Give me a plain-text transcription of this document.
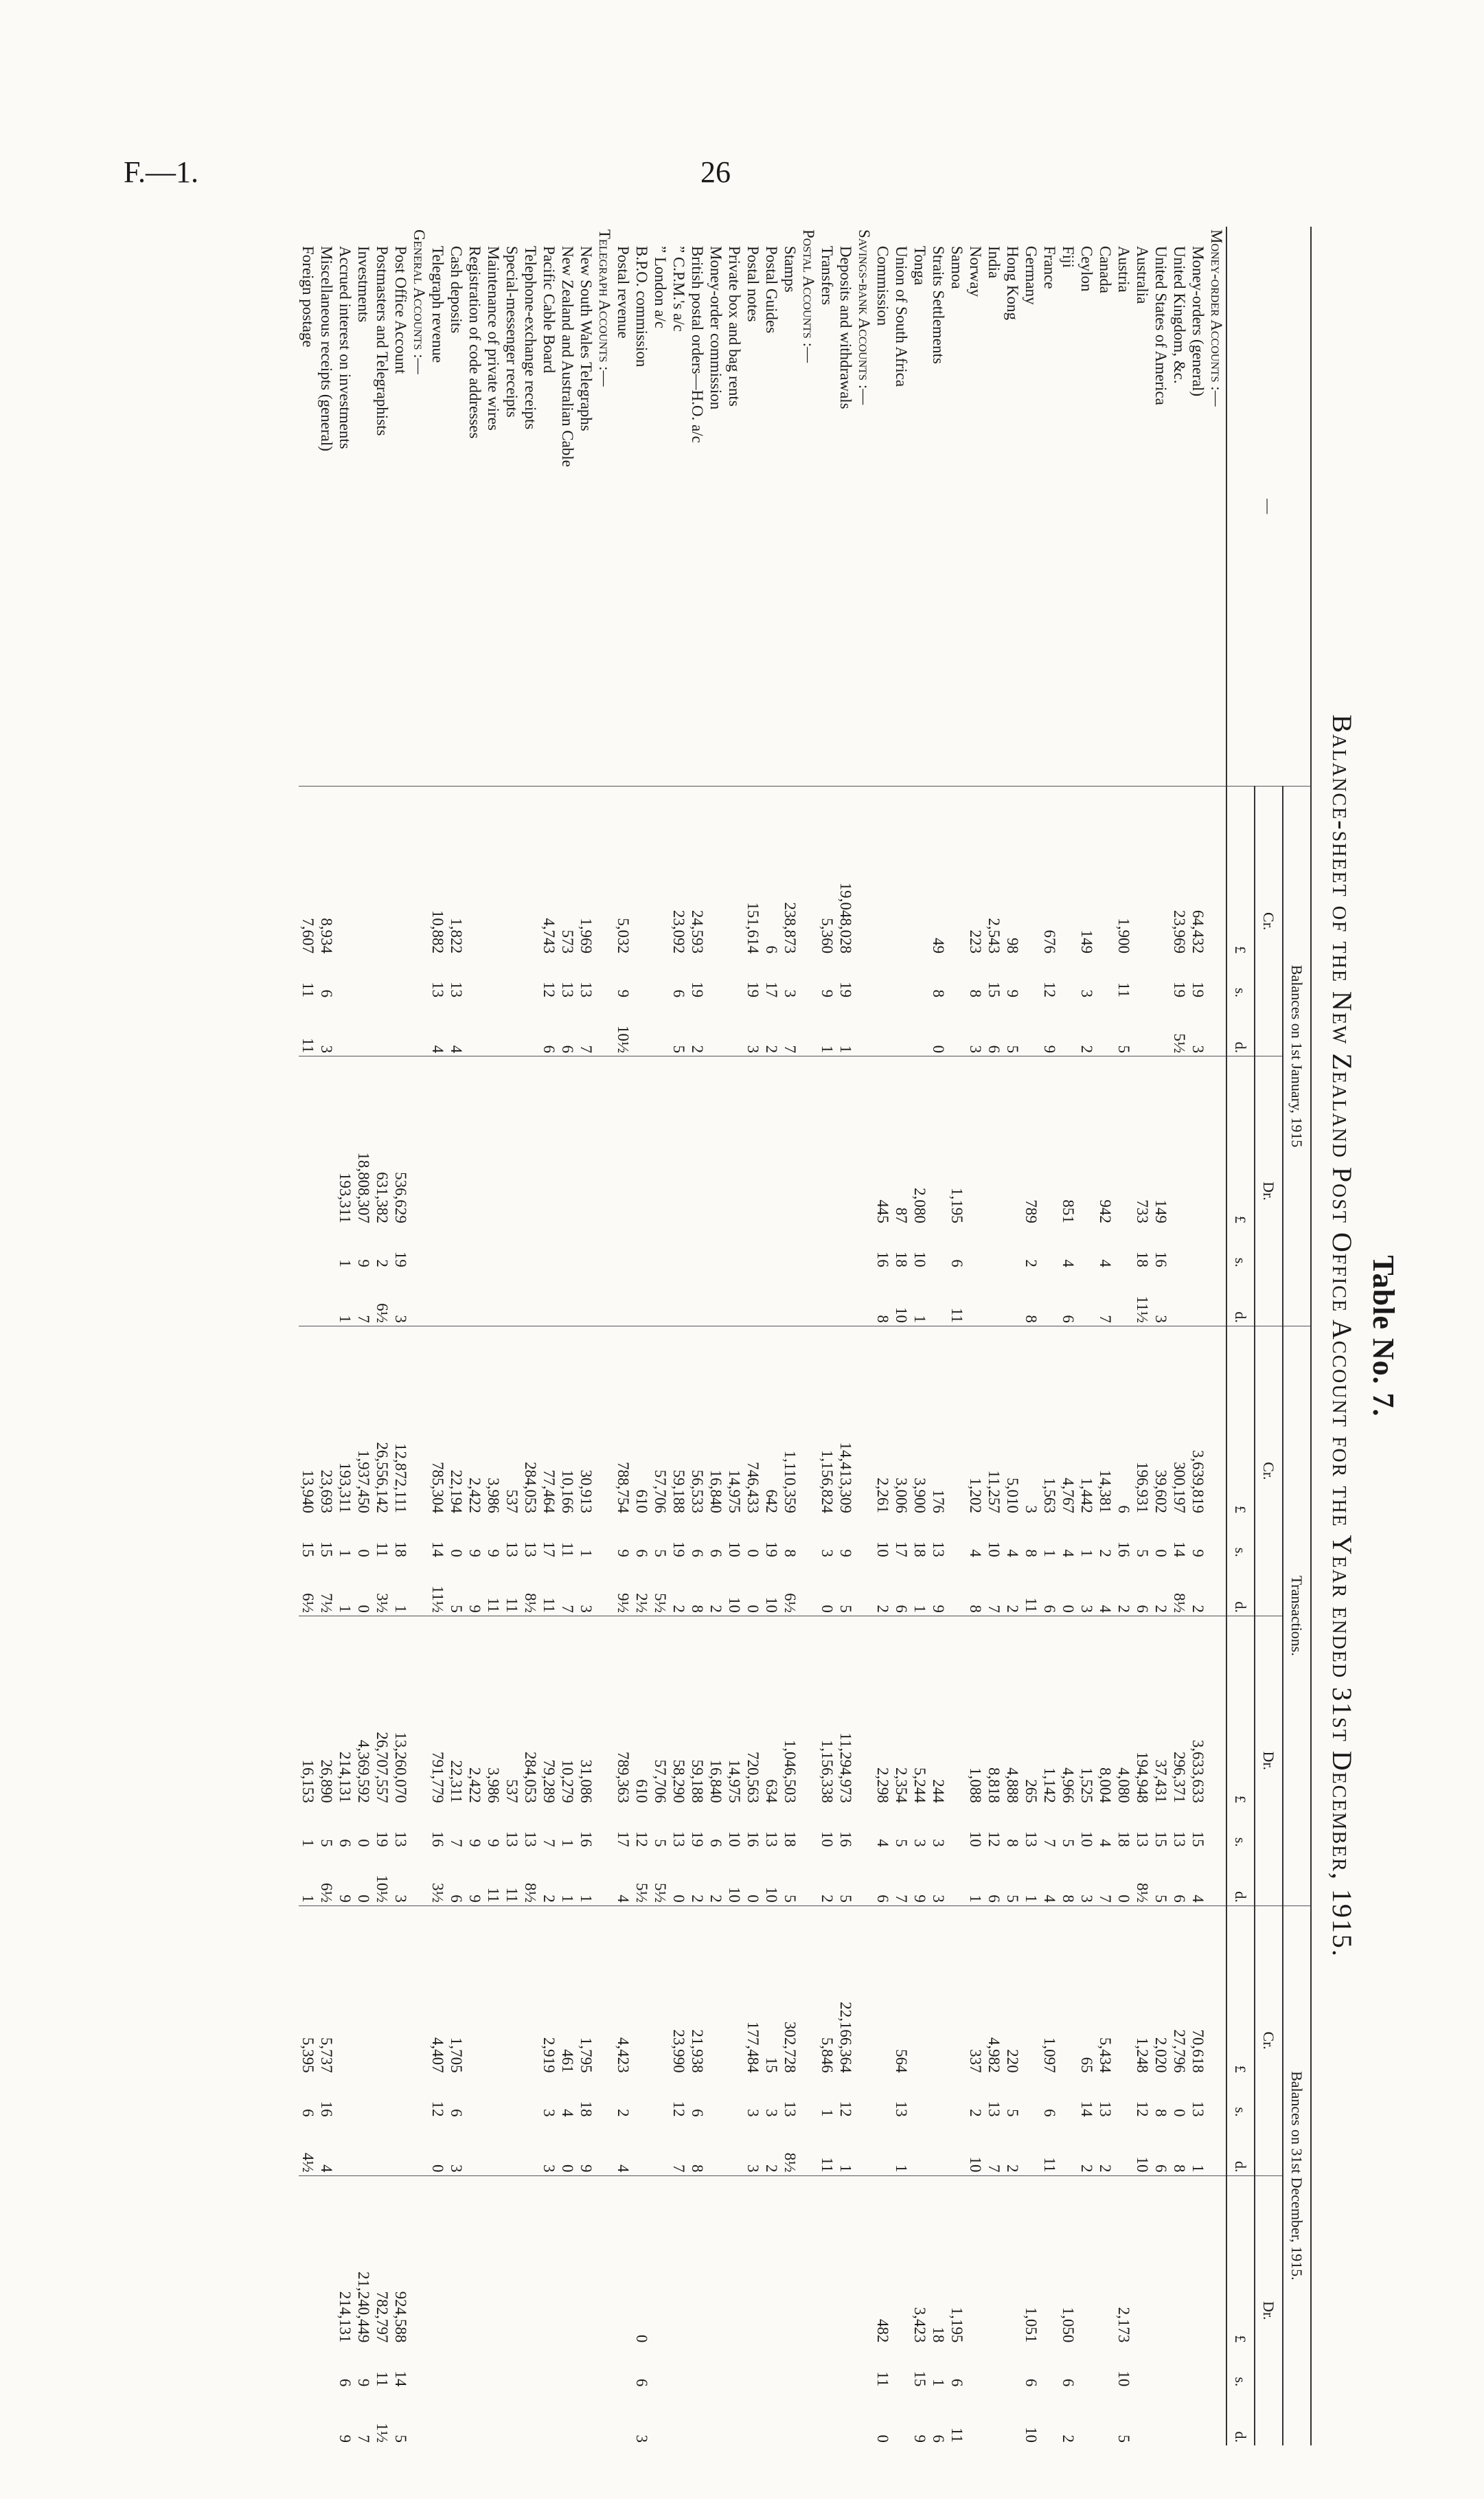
F.—1.	26
Table No. 7.
Balance-sheet of the New Zealand Post Office Account for the Year ended 31st December, 1915.
—	Balances on 1st January, 1915						Transactions.						Balances on 31st December, 1915.					
	Cr.			Dr.			Cr.			Dr.			Cr.			Dr.		
	£	s.	d.	£	s.	d.	£	s.	d.	£	s.	d.	£	s.	d.	£	s.	d.
Money-order Accounts :—																		
Money-orders (general)	64,432	19	3				3,639,819	9	2	3,633,633	15	4	70,618	13	1			
United Kingdom, &c.	23,969	19	5½				300,197	14	8½	296,371	13	6	27,796	0	8			
United States of America				149	16	3	39,602	0	2	37,431	15	5	2,020	8	6			
Australia				733	18	11½	196,931	5	6	194,948	13	8½	1,248	12	10			
Austria	1,900	11	5				6	16	2	4,080	18	0				2,173	10	5
Canada				942	4	7	14,381	2	4	8,004	4	7	5,434	13	2			
Ceylon	149	3	2				1,442	1	3	1,525	10	3	65	14	2			
Fiji				851	4	6	4,767	4	0	4,966	5	8				1,050	6	2
France	676	12	9				1,563	1	6	1,142	7	4	1,097	6	11			
Germany				789	2	8	3	8	11	265	13	1				1,051	6	10
Hong Kong	98	9	5				5,010	4	2	4,888	8	5	220	5	2			
India	2,543	15	6				11,257	10	7	8,818	12	6	4,982	13	7			
Norway	223	8	3				1,202	4	8	1,088	10	1	337	2	10			
Samoa				1,195	6	11										1,195	6	11
Straits Settlements	49	8	0				176	13	9	244	3	3				18	1	6
Tonga				2,080	10	1	3,900	18	1	5,244	3	9				3,423	15	9
Union of South Africa				87	18	10	3,006	17	6	2,354	5	7	564	13	1			
Commission				445	16	8	2,261	10	2	2,298	4	6				482	11	0
Savings-bank Accounts :—																		
Deposits and withdrawals	19,048,028	19	1				14,413,309	9	5	11,294,973	16	5	22,166,364	12	1			
Transfers	5,360	9	1				1,156,824	3	0	1,156,338	10	2	5,846	1	11			
Postal Accounts :—																		
Stamps	238,873	3	7				1,110,359	8	6½	1,046,503	18	5	302,728	13	8½			
Postal Guides	6	17	2				642	19	10	634	13	10	15	3	2			
Postal notes	151,614	19	3				746,433	0	0	720,563	16	0	177,484	3	3			
Private box and bag rents							14,975	10	10	14,975	10	10						
Money-order commission							16,840	6	2	16,840	6	2						
British postal orders—H.O. a/c	24,593	19	2				56,533	6	8	59,188	19	2	21,938	6	8			
” C.P.M.'s a/c	23,092	6	5				59,188	19	2	58,290	13	0	23,990	12	7			
” London a/c							57,706	5	5½	57,706	5	5½						
B.P.O. commission							610	6	2½	610	12	5½				0	6	3
Postal revenue	5,032	9	10½				788,754	9	9½	789,363	17	4	4,423	2	4			
Telegraph Accounts :—																		
New South Wales Telegraphs	1,969	13	7				30,913	1	3	31,086	16	1	1,795	18	9			
New Zealand and Australian Cable	573	13	6				10,166	11	7	10,279	1	1	461	4	0			
Pacific Cable Board	4,743	12	6				77,464	17	11	79,289	7	2	2,919	3	3			
Telephone-exchange receipts							284,053	13	8½	284,053	13	8½						
Special-messenger receipts							537	13	11	537	13	11						
Maintenance of private wires							3,986	9	11	3,986	9	11						
Registration of code addresses							2,422	9	9	2,422	9	9						
Cash deposits	1,822	13	4				22,194	0	5	22,311	7	6	1,705	6	3			
Telegraph revenue	10,882	13	4				785,304	14	11½	791,779	16	3½	4,407	12	0			
General Accounts :—																		
Post Office Account				536,629	19	3	12,872,111	18	1	13,260,070	13	3				924,588	14	5
Postmasters and Telegraphists				631,382	2	6½	26,556,142	11	3½	26,707,557	19	10½				782,797	11	1½
Investments				18,808,307	9	7	1,937,450	0	0	4,369,592	0	0				21,240,449	9	7
Accrued interest on investments				193,311	1	1	193,311	1	1	214,131	6	9				214,131	6	9
Miscellaneous receipts (general)	8,934	6	3				23,693	15	7½	26,890	5	6½	5,737	16	4			
Foreign postage	7,607	11	11				13,940	15	6½	16,153	1	1	5,395	6	4½			
